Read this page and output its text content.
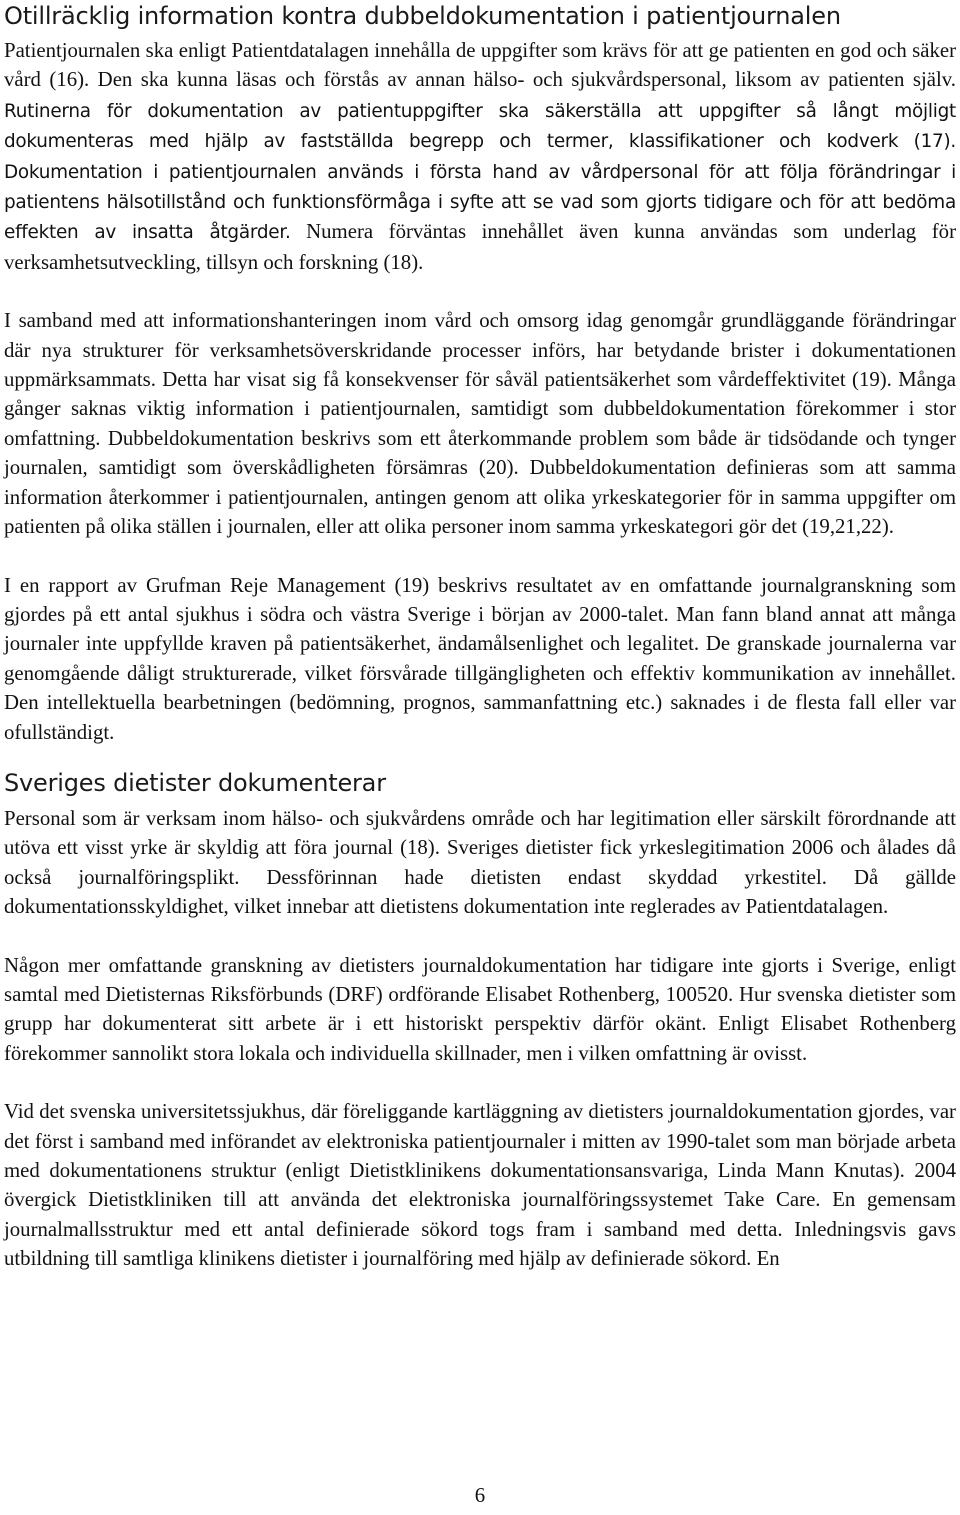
Otillräcklig information kontra dubbeldokumentation i patientjournalen

Patientjournalen ska enligt Patientdatalagen innehålla de uppgifter som krävs för att ge patienten en god och säker vård (16). Den ska kunna läsas och förstås av annan hälso- och sjukvårdspersonal, liksom av patienten själv. Rutinerna för dokumentation av patientuppgifter ska säkerställa att uppgifter så långt möjligt dokumenteras med hjälp av fastställda begrepp och termer, klassifikationer och kodverk (17). Dokumentation i patientjournalen används i första hand av vårdpersonal för att följa förändringar i patientens hälsotillstånd och funktionsförmåga i syfte att se vad som gjorts tidigare och för att bedöma effekten av insatta åtgärder. Numera förväntas innehållet även kunna användas som underlag för verksamhetsutveckling, tillsyn och forskning (18).

I samband med att informationshanteringen inom vård och omsorg idag genomgår grundläggande förändringar där nya strukturer för verksamhetsöverskridande processer införs, har betydande brister i dokumentationen uppmärksammats. Detta har visat sig få konsekvenser för såväl patientsäkerhet som vårdeffektivitet (19). Många gånger saknas viktig information i patientjournalen, samtidigt som dubbeldokumentation förekommer i stor omfattning. Dubbeldokumentation beskrivs som ett återkommande problem som både är tidsödande och tynger journalen, samtidigt som överskådligheten försämras (20). Dubbeldokumentation definieras som att samma information återkommer i patientjournalen, antingen genom att olika yrkeskategorier för in samma uppgifter om patienten på olika ställen i journalen, eller att olika personer inom samma yrkeskategori gör det (19,21,22).

I en rapport av Grufman Reje Management (19) beskrivs resultatet av en omfattande journalgranskning som gjordes på ett antal sjukhus i södra och västra Sverige i början av 2000-talet. Man fann bland annat att många journaler inte uppfyllde kraven på patientsäkerhet, ändamålsenlighet och legalitet. De granskade journalerna var genomgående dåligt strukturerade, vilket försvårade tillgängligheten och effektiv kommunikation av innehållet. Den intellektuella bearbetningen (bedömning, prognos, sammanfattning etc.) saknades i de flesta fall eller var ofullständigt.

Sveriges dietister dokumenterar

Personal som är verksam inom hälso- och sjukvårdens område och har legitimation eller särskilt förordnande att utöva ett visst yrke är skyldig att föra journal (18). Sveriges dietister fick yrkeslegitimation 2006 och ålades då också journalföringsplikt. Dessförinnan hade dietisten endast skyddad yrkestitel. Då gällde dokumentationsskyldighet, vilket innebar att dietistens dokumentation inte reglerades av Patientdatalagen.

Någon mer omfattande granskning av dietisters journaldokumentation har tidigare inte gjorts i Sverige, enligt samtal med Dietisternas Riksförbunds (DRF) ordförande Elisabet Rothenberg, 100520. Hur svenska dietister som grupp har dokumenterat sitt arbete är i ett historiskt perspektiv därför okänt. Enligt Elisabet Rothenberg förekommer sannolikt stora lokala och individuella skillnader, men i vilken omfattning är ovisst.

Vid det svenska universitetssjukhus, där föreliggande kartläggning av dietisters journaldokumentation gjordes, var det först i samband med införandet av elektroniska patientjournaler i mitten av 1990-talet som man började arbeta med dokumentationens struktur (enligt Dietistklinikens dokumentationsansvariga, Linda Mann Knutas). 2004 övergick Dietistkliniken till att använda det elektroniska journalföringssystemet Take Care. En gemensam journalmallsstruktur med ett antal definierade sökord togs fram i samband med detta. Inledningsvis gavs utbildning till samtliga klinikens dietister i journalföring med hjälp av definierade sökord. En

6
